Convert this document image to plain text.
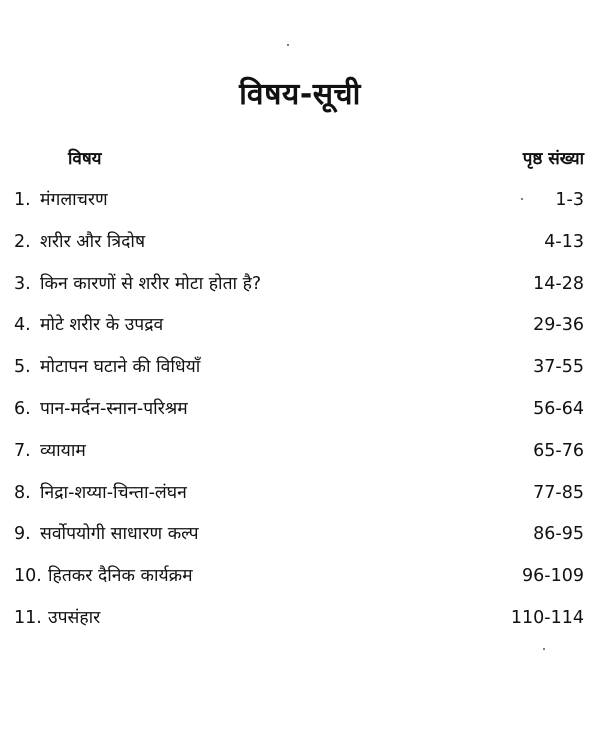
विषय-सूची
विषय	पृष्ठ संख्या
1. मंगलाचरण	1-3
2. शरीर और त्रिदोष	4-13
3. किन कारणों से शरीर मोटा होता है?	14-28
4. मोटे शरीर के उपद्रव	29-36
5. मोटापन घटाने की विधियाँ	37-55
6. पान-मर्दन-स्नान-परिश्रम	56-64
7. व्यायाम	65-76
8. निद्रा-शय्या-चिन्ता-लंघन	77-85
9. सर्वोपयोगी साधारण कल्प	86-95
10. हितकर दैनिक कार्यक्रम	96-109
11. उपसंहार	110-114
